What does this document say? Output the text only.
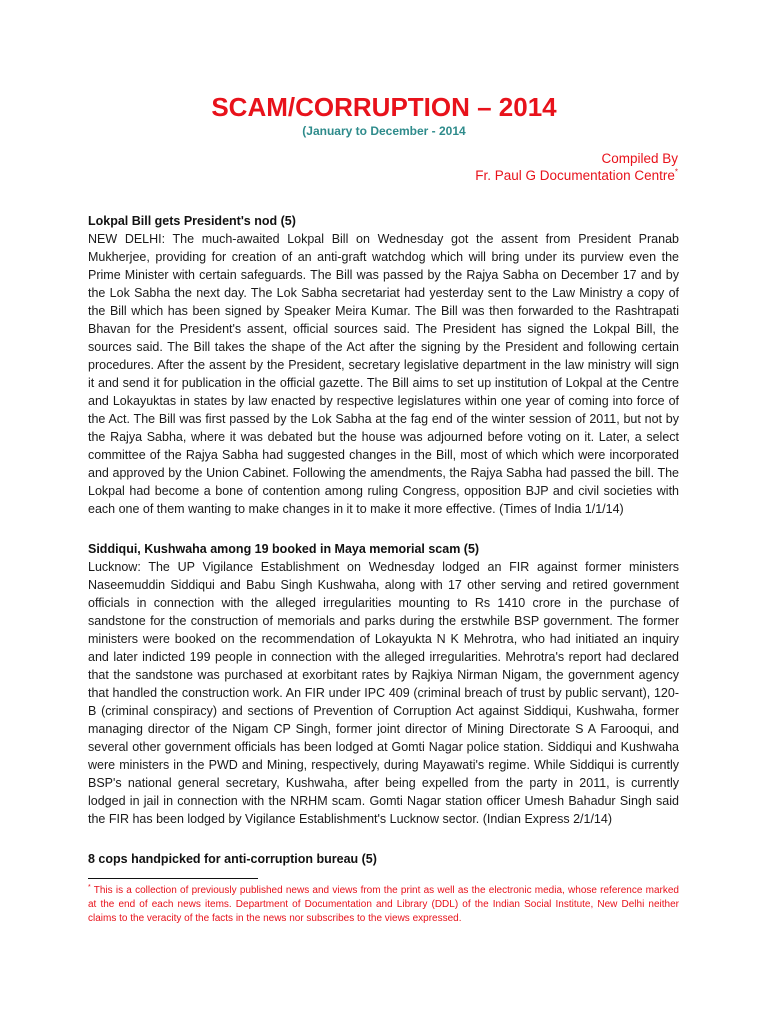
SCAM/CORRUPTION – 2014
(January to December - 2014
Compiled By
Fr. Paul G Documentation Centre*

Lokpal Bill gets President's nod (5)

NEW DELHI: The much-awaited Lokpal Bill on Wednesday got the assent from President Pranab Mukherjee, providing for creation of an anti-graft watchdog which will bring under its purview even the Prime Minister with certain safeguards. The Bill was passed by the Rajya Sabha on December 17 and by the Lok Sabha the next day. The Lok Sabha secretariat had yesterday sent to the Law Ministry a copy of the Bill which has been signed by Speaker Meira Kumar. The Bill was then forwarded to the Rashtrapati Bhavan for the President's assent, official sources said. The President has signed the Lokpal Bill, the sources said. The Bill takes the shape of the Act after the signing by the President and following certain procedures. After the assent by the President, secretary legislative department in the law ministry will sign it and send it for publication in the official gazette. The Bill aims to set up institution of Lokpal at the Centre and Lokayuktas in states by law enacted by respective legislatures within one year of coming into force of the Act. The Bill was first passed by the Lok Sabha at the fag end of the winter session of 2011, but not by the Rajya Sabha, where it was debated but the house was adjourned before voting on it. Later, a select committee of the Rajya Sabha had suggested changes in the Bill, most of which which were incorporated and approved by the Union Cabinet. Following the amendments, the Rajya Sabha had passed the bill. The Lokpal had become a bone of contention among ruling Congress, opposition BJP and civil societies with each one of them wanting to make changes in it to make it more effective. (Times of India 1/1/14)

Siddiqui, Kushwaha among 19 booked in Maya memorial scam (5)

Lucknow: The UP Vigilance Establishment on Wednesday lodged an FIR against former ministers Naseemuddin Siddiqui and Babu Singh Kushwaha, along with 17 other serving and retired government officials in connection with the alleged irregularities mounting to Rs 1410 crore in the purchase of sandstone for the construction of memorials and parks during the erstwhile BSP government. The former ministers were booked on the recommendation of Lokayukta N K Mehrotra, who had initiated an inquiry and later indicted 199 people in connection with the alleged irregularities. Mehrotra's report had declared that the sandstone was purchased at exorbitant rates by Rajkiya Nirman Nigam, the government agency that handled the construction work. An FIR under IPC 409 (criminal breach of trust by public servant), 120-B (criminal conspiracy) and sections of Prevention of Corruption Act against Siddiqui, Kushwaha, former managing director of the Nigam CP Singh, former joint director of Mining Directorate S A Farooqui, and several other government officials has been lodged at Gomti Nagar police station. Siddiqui and Kushwaha were ministers in the PWD and Mining, respectively, during Mayawati's regime. While Siddiqui is currently BSP's national general secretary, Kushwaha, after being expelled from the party in 2011, is currently lodged in jail in connection with the NRHM scam. Gomti Nagar station officer Umesh Bahadur Singh said the FIR has been lodged by Vigilance Establishment's Lucknow sector. (Indian Express 2/1/14)

8 cops handpicked for anti-corruption bureau (5)

* This is a collection of previously published news and views from the print as well as the electronic media, whose reference marked at the end of each news items. Department of Documentation and Library (DDL) of the Indian Social Institute, New Delhi neither claims to the veracity of the facts in the news nor subscribes to the views expressed.
